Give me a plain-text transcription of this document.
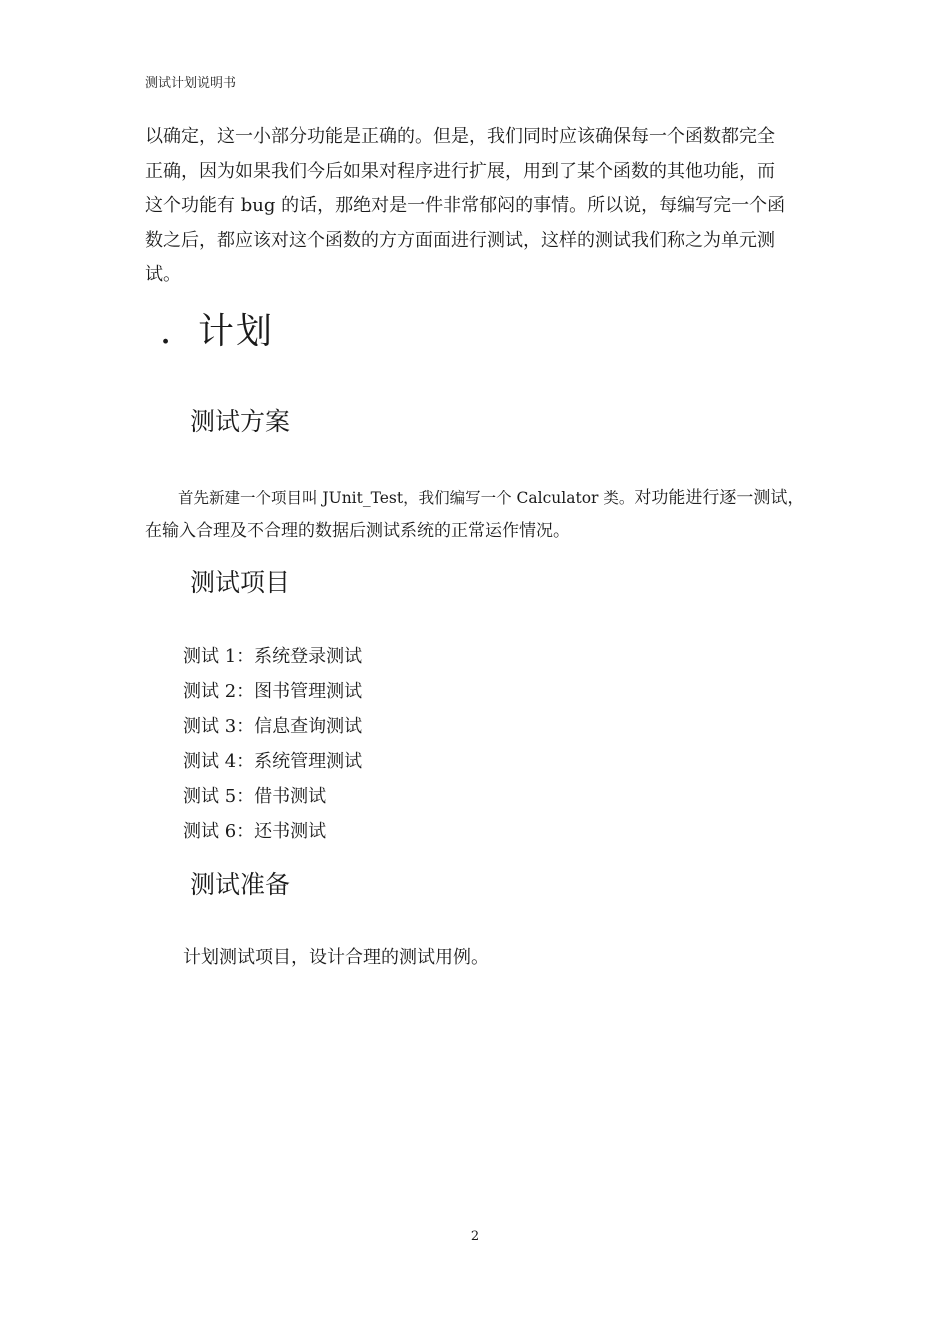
测试计划说明书

以确定，这一小部分功能是正确的。但是，我们同时应该确保每一个函数都完全

正确，因为如果我们今后如果对程序进行扩展，用到了某个函数的其他功能，而

这个功能有 bug 的话，那绝对是一件非常郁闷的事情。所以说，每编写完一个函

数之后，都应该对这个函数的方方面面进行测试，这样的测试我们称之为单元测

试。

．计划
测试方案
首先新建一个项目叫 JUnit_Test，我们编写一个 Calculator 类。对功能进行逐一测试，
在输入合理及不合理的数据后测试系统的正常运作情况。
测试项目
测试 1：系统登录测试
测试 2：图书管理测试
测试 3：信息查询测试
测试 4：系统管理测试
测试 5：借书测试
测试 6：还书测试
测试准备
计划测试项目，设计合理的测试用例。
2
